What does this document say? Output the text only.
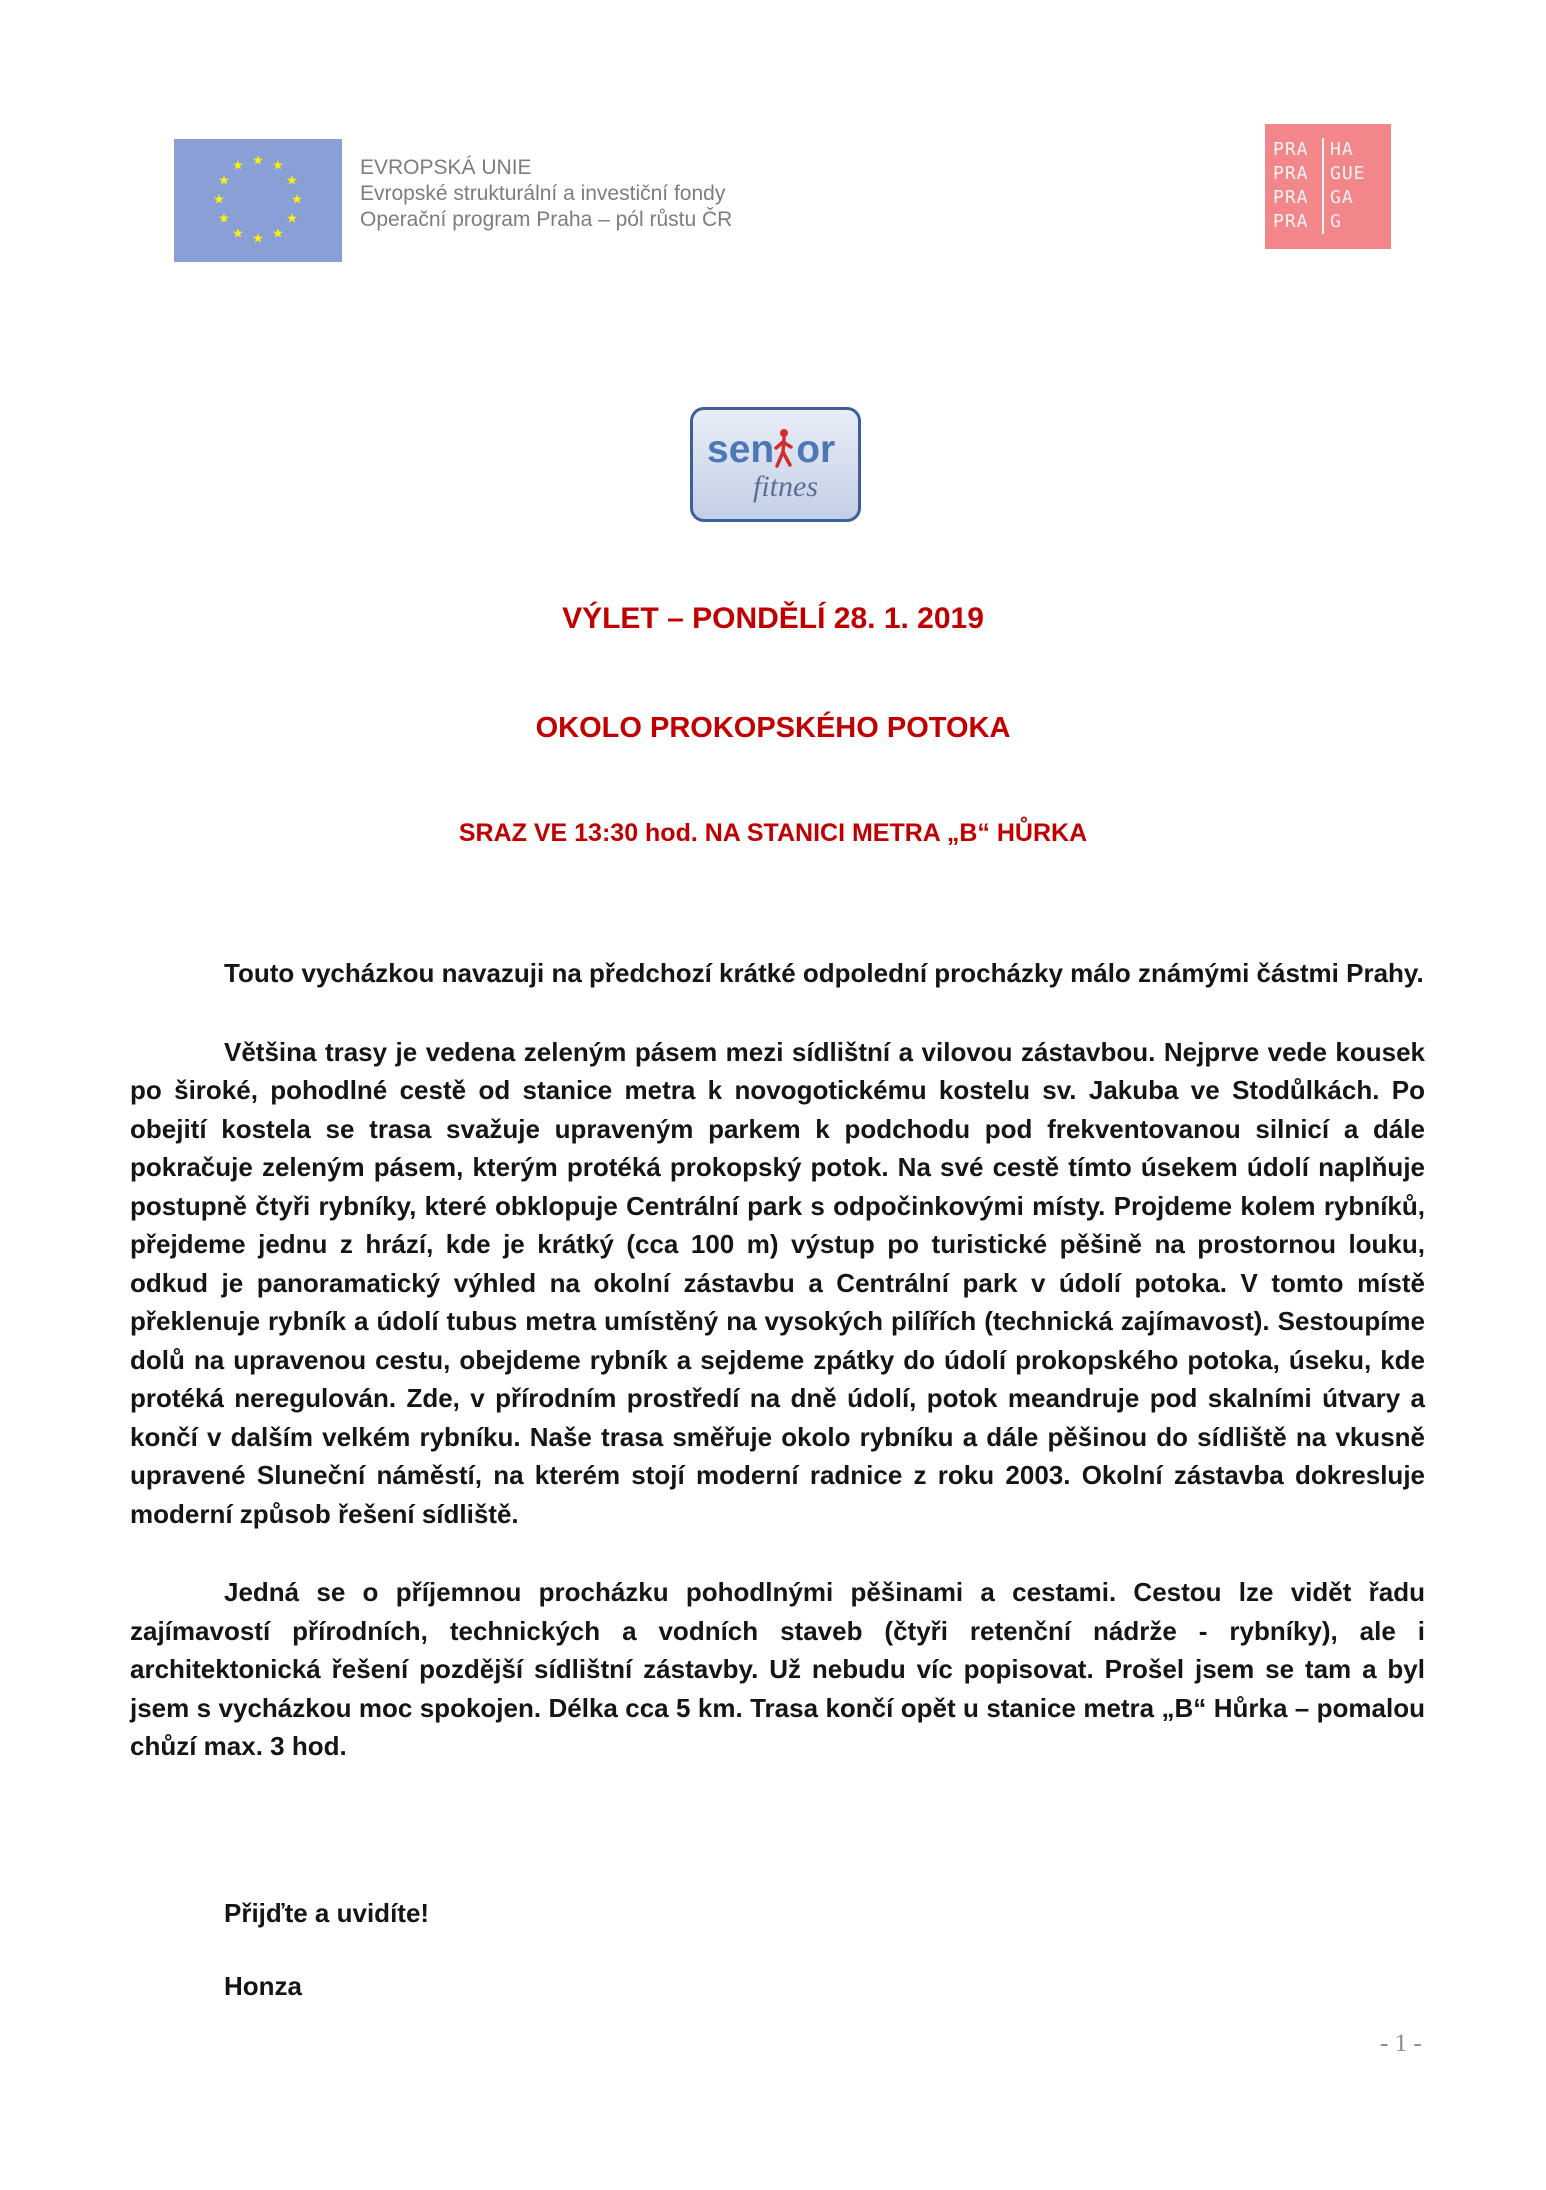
★ ★
★
★
★
★
★
★
★
★
★
★	EVROPSKÁ UNIE
Evropské strukturální a investiční fondy
Operační program Praha – pól růstu ČR
PRA	HA
PRA	GUE
PRA	GA
PRA	G
sen or
fitnes
VÝLET – PONDĚLÍ 28. 1. 2019
OKOLO PROKOPSKÉHO POTOKA
SRAZ VE 13:30 hod. NA STANICI METRA „B“ HŮRKA

Touto vycházkou navazuji na předchozí krátké odpolední procházky málo známými částmi Prahy.

Většina trasy je vedena zeleným pásem mezi sídlištní a vilovou zástavbou. Nejprve vede kousek po široké, pohodlné cestě od stanice metra k novogotickému kostelu sv. Jakuba ve Stodůlkách. Po obejití kostela se trasa svažuje upraveným parkem k podchodu pod frekventovanou silnicí a dále pokračuje zeleným pásem, kterým protéká prokopský potok. Na své cestě tímto úsekem údolí naplňuje postupně čtyři rybníky, které obklopuje Centrální park s odpočinkovými místy. Projdeme kolem rybníků, přejdeme jednu z hrází, kde je krátký (cca 100 m) výstup po turistické pěšině na prostornou louku, odkud je panoramatický výhled na okolní zástavbu a Centrální park v údolí potoka. V tomto místě překlenuje rybník a údolí tubus metra umístěný na vysokých pilířích (technická zajímavost). Sestoupíme dolů na upravenou cestu, obejdeme rybník a sejdeme zpátky do údolí prokopského potoka, úseku, kde protéká neregulován. Zde, v přírodním prostředí na dně údolí, potok meandruje pod skalními útvary a končí v dalším velkém rybníku. Naše trasa směřuje okolo rybníku a dále pěšinou do sídliště na vkusně upravené Sluneční náměstí, na kterém stojí moderní radnice z roku 2003. Okolní zástavba dokresluje moderní způsob řešení sídliště.

Jedná se o příjemnou procházku pohodlnými pěšinami a cestami. Cestou lze vidět řadu zajímavostí přírodních, technických a vodních staveb (čtyři retenční nádrže - rybníky), ale i architektonická řešení pozdější sídlištní zástavby. Už nebudu víc popisovat. Prošel jsem se tam a byl jsem s vycházkou moc spokojen. Délka cca 5 km. Trasa končí opět u stanice metra „B“ Hůrka – pomalou chůzí max. 3 hod.

Přijďte a uvidíte!
Honza
- 1 -
